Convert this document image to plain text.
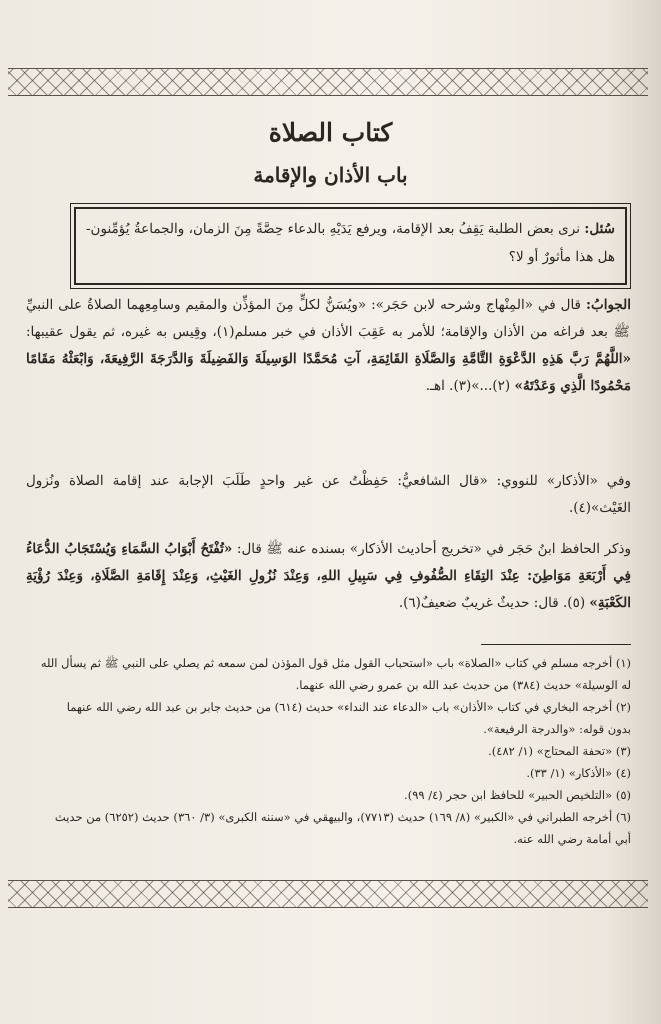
كتاب الصلاة
باب الأذان والإقامة
سُئل: نرى بعض الطلبة يَقِفُ بعد الإقامة، ويرفع يَدَيْهِ بالدعاء حِصَّةً مِنَ الزمان، والجماعةُ يُؤمِّنون- هل هذا مأثورٌ أو لا؟

الجوابُ: قال في «المِنْهاج وشرحه لابن حَجَر»: «ويُسَنُّ لكلٍّ مِنَ المؤذِّن والمقيم وسامِعِهما الصلاةُ على النبيِّ ﷺ بعد فراغه من الأذان والإقامة؛ للأمر به عَقِبَ الأذان في خبر مسلم(١)، وقِيس به غيره، ثم يقول عقيبها: «اللَّهُمَّ رَبَّ هَذِهِ الدَّعْوَةِ التَّامَّةِ وَالصَّلَاةِ القَائِمَةِ، آتِ مُحَمَّدًا الوَسِيلَةَ وَالفَضِيلَةَ وَالدَّرَجَةَ الرَّفِيعَةَ، وَابْعَثْهُ مَقَامًا مَحْمُودًا الَّذِي وَعَدْتَهُ» (٢)...»(٣). اهـ.

وفي «الأذكار» للنووي: «قال الشافعيُّ: حَفِظْتُ عن غير واحدٍ طَلَبَ الإجابة عند إقامة الصلاة ونُزول الغَيْث»(٤).

وذكر الحافظ ابنُ حَجَر في «تخريج أحاديث الأذكار» بسنده عنه ﷺ قال: «تُفْتَحُ أَبْوَابُ السَّمَاءِ وَيُسْتَجَابُ الدُّعَاءُ فِي أَرْبَعَةِ مَوَاطِنَ: عِنْدَ التِقَاءِ الصُّفُوفِ فِي سَبِيلِ اللهِ، وَعِنْدَ نُزُولِ الغَيْثِ، وَعِنْدَ إِقَامَةِ الصَّلَاةِ، وَعِنْدَ رُؤْيَةِ الكَعْبَةِ» (٥). قال: حديثٌ غريبٌ ضعيفٌ(٦).

(١) أخرجه مسلم في كتاب «الصلاة» باب «استحباب القول مثل قول المؤذن لمن سمعه ثم يصلي على النبي ﷺ ثم يسأل الله له الوسيلة» حديث (٣٨٤) من حديث عبد الله بن عمرو رضي الله عنهما.

(٢) أخرجه البخاري في كتاب «الأذان» باب «الدعاء عند النداء» حديث (٦١٤) من حديث جابر بن عبد الله رضي الله عنهما بدون قوله: «والدرجة الرفيعة».

(٣) «تحفة المحتاج» (١/ ٤٨٢).

(٤) «الأذكار» (١/ ٣٣).

(٥) «التلخيص الحبير» للحافظ ابن حجر (٤/ ٩٩).

(٦) أخرجه الطبراني في «الكبير» (٨/ ١٦٩) حديث (٧٧١٣)، والبيهقي في «سننه الكبرى» (٣/ ٣٦٠) حديث (٦٢٥٢) من حديث أبي أمامة رضي الله عنه.
